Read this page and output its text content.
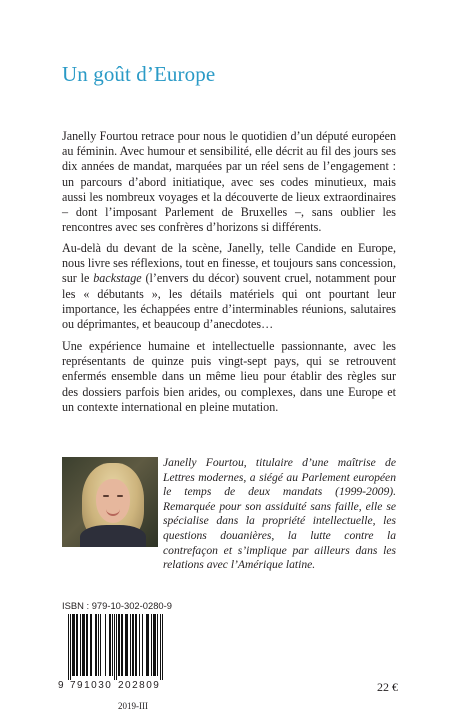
Un goût d’Europe

Janelly Fourtou retrace pour nous le quotidien d’un député européen au féminin. Avec humour et sensibilité, elle décrit au fil des jours ses dix années de mandat, marquées par un réel sens de l’engagement : un parcours d’abord initiatique, avec ses codes minutieux, mais aussi les nombreux voyages et la découverte de lieux extraordinaires – dont l’imposant Parlement de Bruxelles –, sans oublier les rencontres avec ses confrères d’horizons si différents.

Au-delà du devant de la scène, Janelly, telle Candide en Europe, nous livre ses réflexions, tout en finesse, et toujours sans concession, sur le backstage (l’envers du décor) souvent cruel, notamment pour les « débutants », les détails matériels qui ont pourtant leur importance, les échappées entre d’interminables réunions, salutaires ou déprimantes, et beaucoup d’anecdotes…

Une expérience humaine et intellectuelle passionnante, avec les représentants de quinze puis vingt-sept pays, qui se retrouvent enfermés ensemble dans un même lieu pour établir des règles sur des dossiers parfois bien arides, ou complexes, dans une Europe et un contexte international en pleine mutation.

Janelly Fourtou, titulaire d’une maîtrise de Lettres modernes, a siégé au Parlement européen le temps de deux mandats (1999-2009). Remarquée pour son assiduité sans faille, elle se spécialise dans la propriété intellectuelle, les questions douanières, la lutte contre la contrefaçon et s’implique par ailleurs dans les relations avec l’Amérique latine.

ISBN : 979-10-302-0280-9
9 791030 202809	22 €
2019-III
